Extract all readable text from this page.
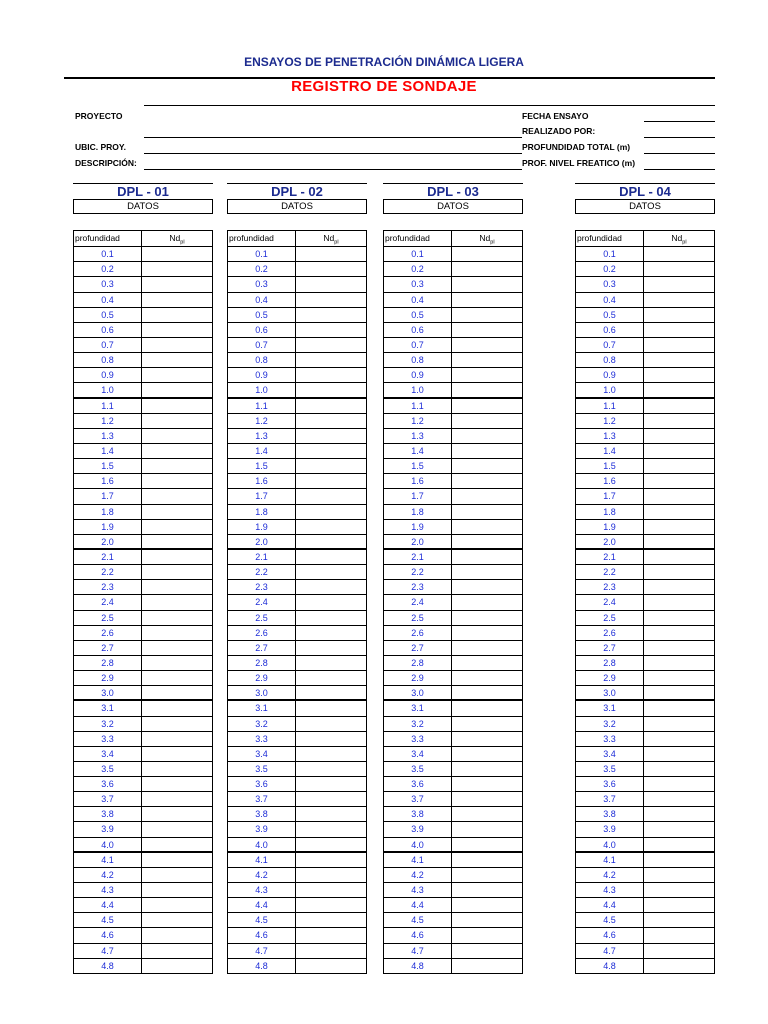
ENSAYOS DE PENETRACIÓN DINÁMICA LIGERA
REGISTRO DE SONDAJE
PROYECTO
UBIC. PROY.
DESCRIPCIÓN:
FECHA ENSAYO
REALIZADO POR:
PROFUNDIDAD TOTAL (m)
PROF. NIVEL FREATICO (m)
DPL - 01
DATOS
profundidad	$Nd_{pl}$
0.1
0.2
0.3
0.4
0.5
0.6
0.7
0.8
0.9
1.0
1.1
1.2
1.3
1.4
1.5
1.6
1.7
1.8
1.9
2.0
2.1
2.2
2.3
2.4
2.5
2.6
2.7
2.8
2.9
3.0
3.1
3.2
3.3
3.4
3.5
3.6
3.7
3.8
3.9
4.0
4.1
4.2
4.3
4.4
4.5
4.6
4.7
4.8
DPL - 02
DATOS
profundidad	$Nd_{pl}$
0.1
0.2
0.3
0.4
0.5
0.6
0.7
0.8
0.9
1.0
1.1
1.2
1.3
1.4
1.5
1.6
1.7
1.8
1.9
2.0
2.1
2.2
2.3
2.4
2.5
2.6
2.7
2.8
2.9
3.0
3.1
3.2
3.3
3.4
3.5
3.6
3.7
3.8
3.9
4.0
4.1
4.2
4.3
4.4
4.5
4.6
4.7
4.8
DPL - 03
DATOS
profundidad	$Nd_{pl}$
0.1
0.2
0.3
0.4
0.5
0.6
0.7
0.8
0.9
1.0
1.1
1.2
1.3
1.4
1.5
1.6
1.7
1.8
1.9
2.0
2.1
2.2
2.3
2.4
2.5
2.6
2.7
2.8
2.9
3.0
3.1
3.2
3.3
3.4
3.5
3.6
3.7
3.8
3.9
4.0
4.1
4.2
4.3
4.4
4.5
4.6
4.7
4.8
DPL - 04
DATOS
profundidad	$Nd_{pl}$
0.1
0.2
0.3
0.4
0.5
0.6
0.7
0.8
0.9
1.0
1.1
1.2
1.3
1.4
1.5
1.6
1.7
1.8
1.9
2.0
2.1
2.2
2.3
2.4
2.5
2.6
2.7
2.8
2.9
3.0
3.1
3.2
3.3
3.4
3.5
3.6
3.7
3.8
3.9
4.0
4.1
4.2
4.3
4.4
4.5
4.6
4.7
4.8
